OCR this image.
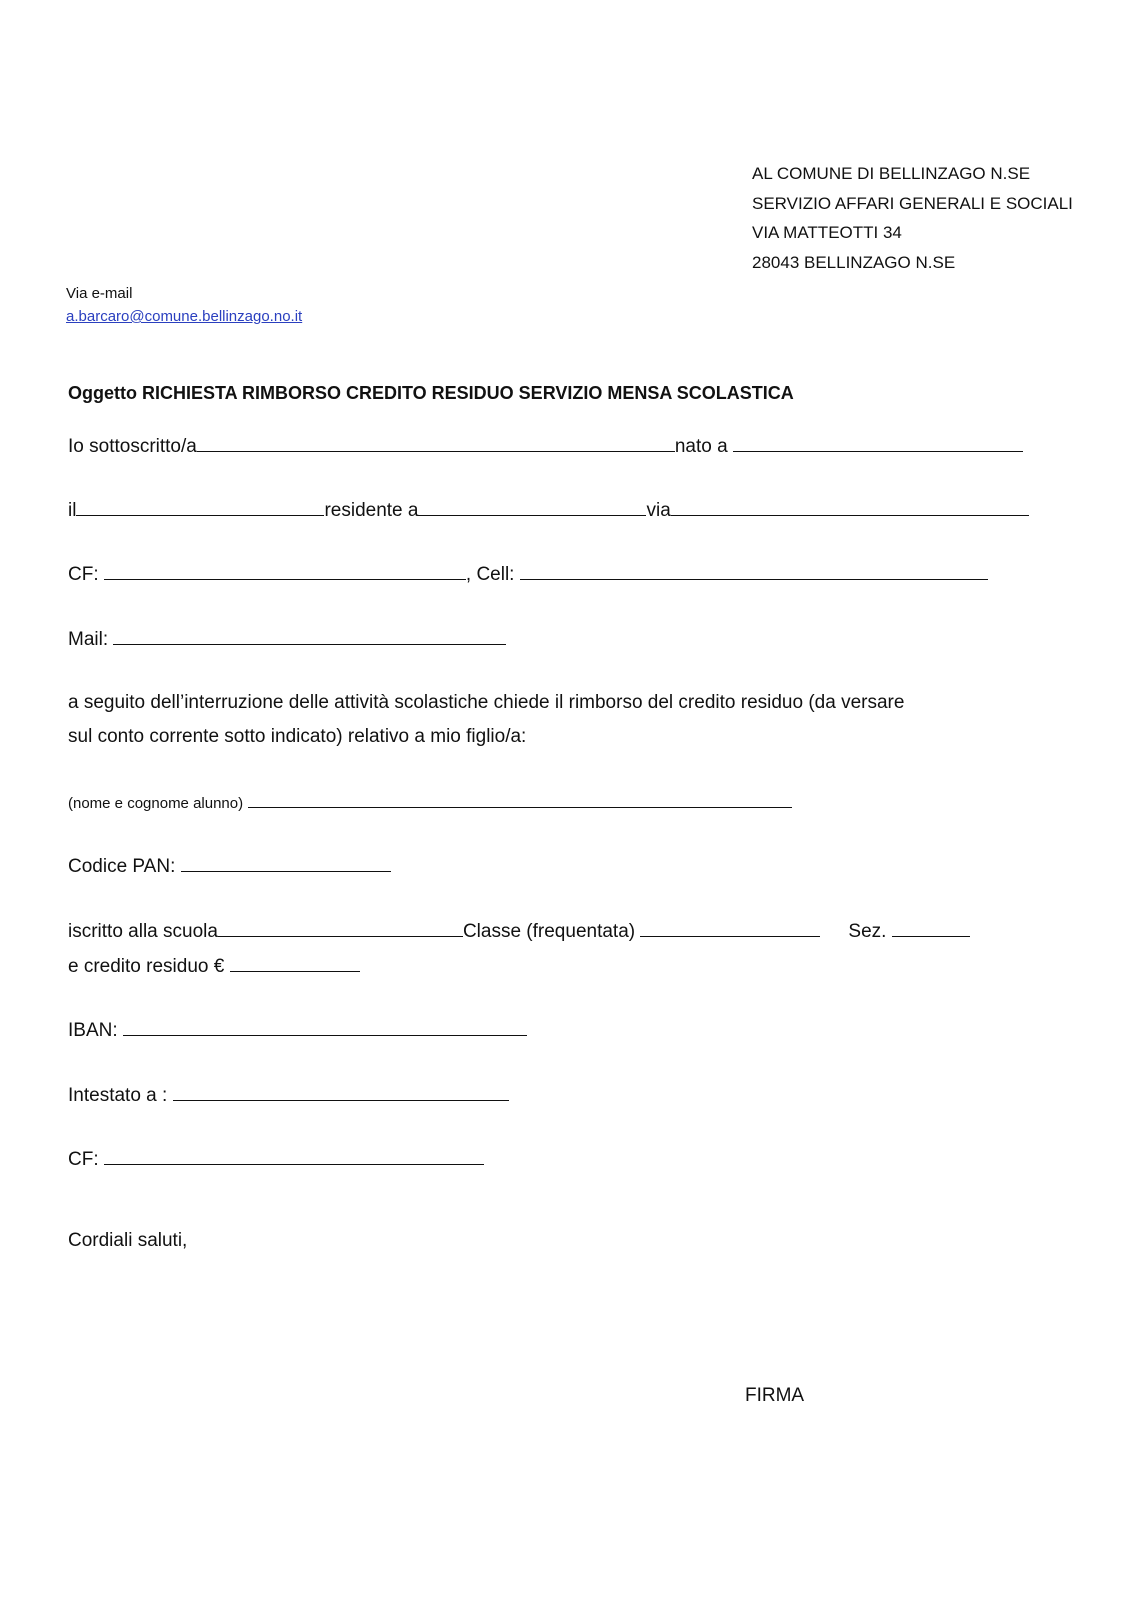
AL COMUNE DI BELLINZAGO N.SE
SERVIZIO AFFARI GENERALI E SOCIALI
VIA MATTEOTTI 34
28043 BELLINZAGO N.SE
Via e-mail
a.barcaro@comune.bellinzago.no.it
Oggetto RICHIESTA RIMBORSO CREDITO RESIDUO SERVIZIO MENSA SCOLASTICA
Io sottoscritto/a	nato a
il	residente a	via
CF:	, Cell:
Mail:
a seguito dell’interruzione delle attività scolastiche chiede il rimborso del credito residuo (da versare
sul conto corrente sotto indicato) relativo a mio figlio/a:
(nome e cognome alunno)
Codice PAN:
iscritto alla scuola	Classe (frequentata)	Sez.
e credito residuo €
IBAN:
Intestato a :
CF:
Cordiali saluti,
FIRMA
